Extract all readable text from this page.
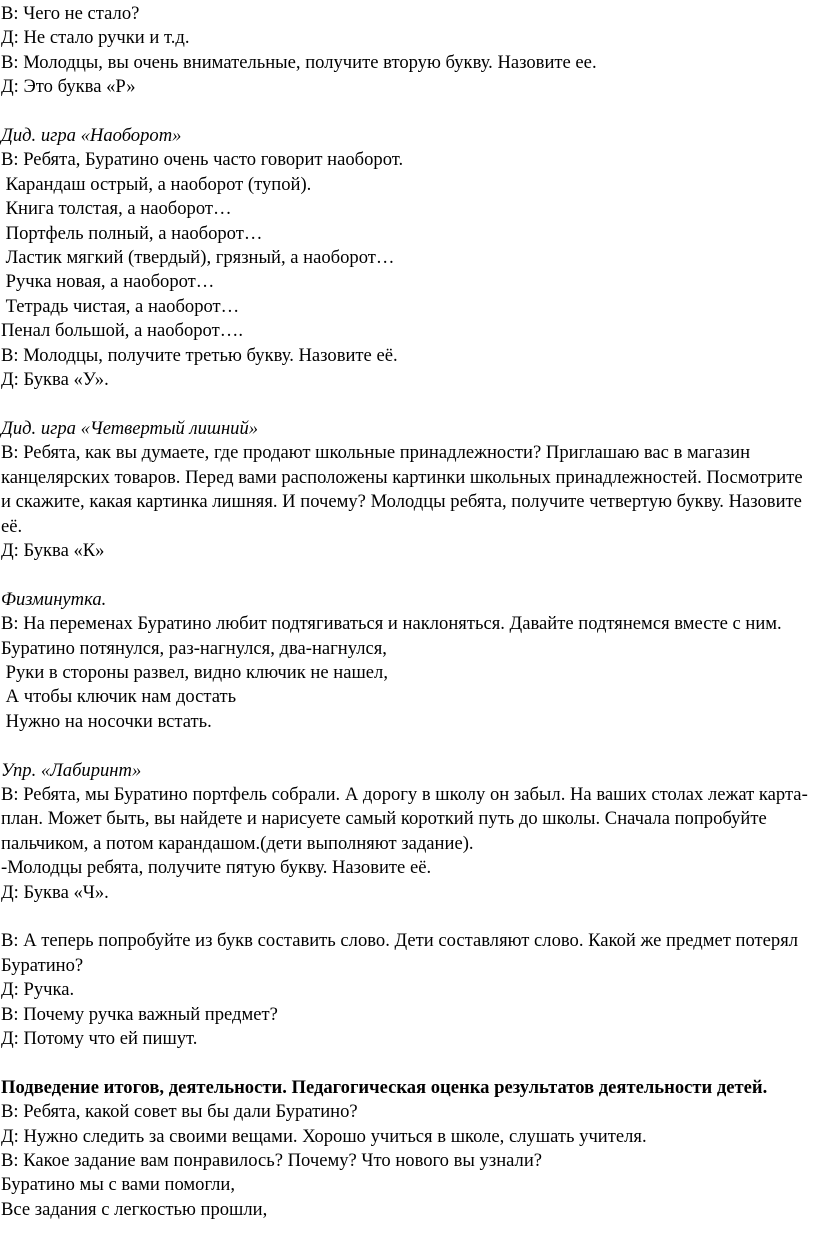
В: Чего не стало?
Д: Не стало ручки и т.д.
В: Молодцы, вы очень внимательные, получите вторую букву. Назовите ее.
Д: Это буква «Р»
Дид. игра «Наоборот»
В: Ребята, Буратино очень часто говорит наоборот.
Карандаш острый, а наоборот (тупой).
Книга толстая, а наоборот…
Портфель полный, а наоборот…
Ластик мягкий (твердый), грязный, а наоборот…
Ручка новая, а наоборот…
Тетрадь чистая, а наоборот…
Пенал большой, а наоборот….
В: Молодцы, получите третью букву. Назовите её.
Д: Буква «У».
Дид. игра «Четвертый лишний»
В: Ребята, как вы думаете, где продают школьные принадлежности? Приглашаю вас в магазин канцелярских товаров. Перед вами расположены картинки школьных принадлежностей. Посмотрите и скажите, какая картинка лишняя. И почему? Молодцы ребята, получите четвертую букву. Назовите её.
Д: Буква «К»
Физминутка.
В: На переменах Буратино любит подтягиваться и наклоняться. Давайте подтянемся вместе с ним.
Буратино потянулся, раз-нагнулся, два-нагнулся,
Руки в стороны развел, видно ключик не нашел,
А чтобы ключик нам достать
Нужно на носочки встать.
Упр. «Лабиринт»
В: Ребята, мы Буратино портфель собрали. А дорогу в школу он забыл. На ваших столах лежат карта-план. Может быть, вы найдете и нарисуете самый короткий путь до школы. Сначала попробуйте пальчиком, а потом карандашом.(дети выполняют задание).
-Молодцы ребята, получите пятую букву. Назовите её.
Д: Буква «Ч».
В: А теперь попробуйте из букв составить слово. Дети составляют слово. Какой же предмет потерял Буратино?
Д: Ручка.
В: Почему ручка важный предмет?
Д: Потому что ей пишут.
Подведение итогов, деятельности. Педагогическая оценка результатов деятельности детей.
В: Ребята, какой совет вы бы дали Буратино?
Д: Нужно следить за своими вещами. Хорошо учиться в школе, слушать учителя.
В: Какое задание вам понравилось? Почему? Что нового вы узнали?
Буратино мы с вами помогли,
Все задания с легкостью прошли,
